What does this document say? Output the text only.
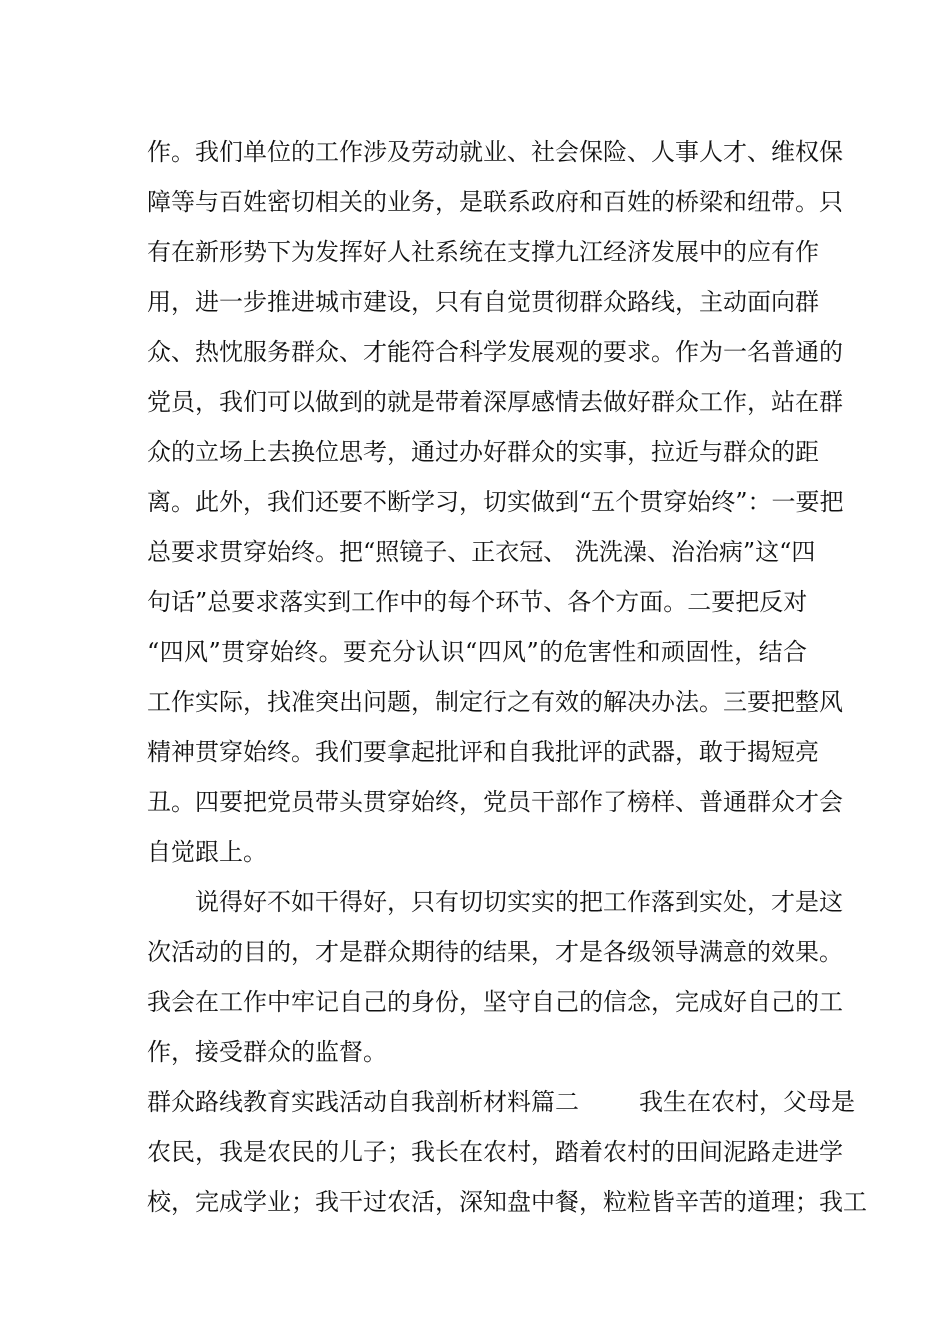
作。我们单位的工作涉及劳动就业、社会保险、人事人才、维权保
障等与百姓密切相关的业务，是联系政府和百姓的桥梁和纽带。只
有在新形势下为发挥好人社系统在支撑九江经济发展中的应有作
用，进一步推进城市建设，只有自觉贯彻群众路线，主动面向群
众、热忱服务群众、才能符合科学发展观的要求。作为一名普通的
党员，我们可以做到的就是带着深厚感情去做好群众工作，站在群
众的立场上去换位思考，通过办好群众的实事，拉近与群众的距
离。此外，我们还要不断学习，切实做到“五个贯穿始终”：一要把
总要求贯穿始终。把“照镜子、正衣冠、 洗洗澡、治治病”这“四
句话”总要求落实到工作中的每个环节、各个方面。二要把反对
“四风”贯穿始终。要充分认识“四风”的危害性和顽固性，结合
工作实际，找准突出问题，制定行之有效的解决办法。三要把整风
精神贯穿始终。我们要拿起批评和自我批评的武器，敢于揭短亮
丑。四要把党员带头贯穿始终，党员干部作了榜样、普通群众才会
自觉跟上。
说得好不如干得好，只有切切实实的把工作落到实处，才是这
次活动的目的，才是群众期待的结果，才是各级领导满意的效果。
我会在工作中牢记自己的身份，坚守自己的信念，完成好自己的工
作，接受群众的监督。
群众路线教育实践活动自我剖析材料篇二	我生在农村，父母是
农民，我是农民的儿子；我长在农村，踏着农村的田间泥路走进学
校，完成学业；我干过农活，深知盘中餐，粒粒皆辛苦的道理；我工
